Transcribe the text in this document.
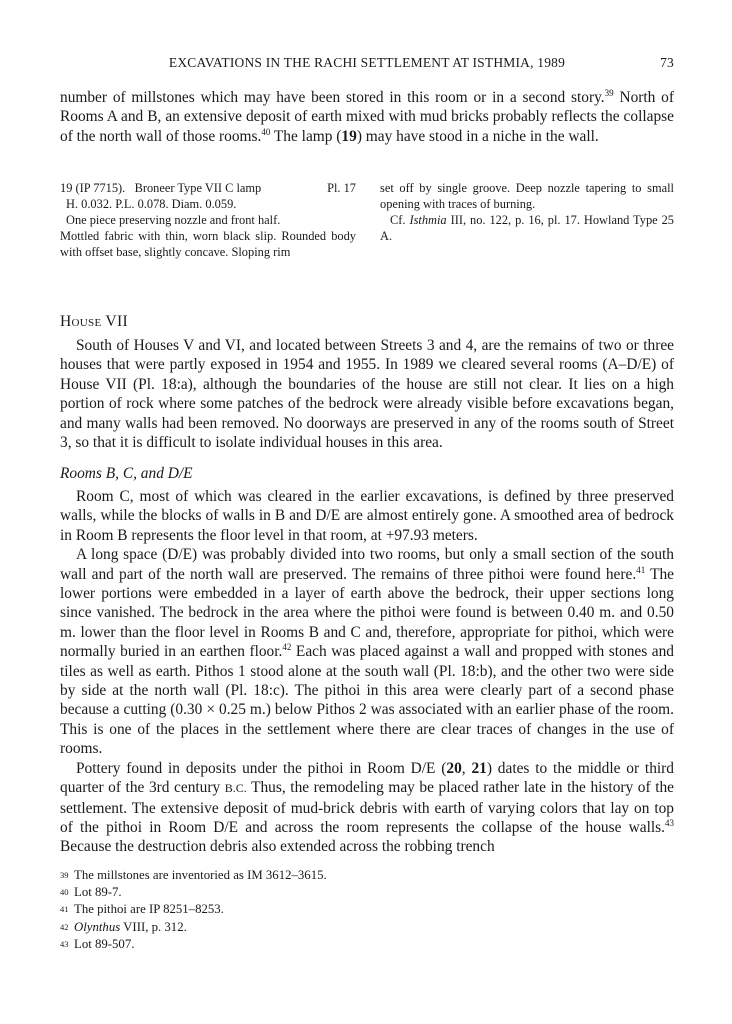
EXCAVATIONS IN THE RACHI SETTLEMENT AT ISTHMIA, 1989	73

number of millstones which may have been stored in this room or in a second story.$^{39}$ North of Rooms A and B, an extensive deposit of earth mixed with mud bricks probably reflects the collapse of the north wall of those rooms.$^{40}$ The lamp (19) may have stood in a niche in the wall.

19 (IP 7715).   Broneer Type VII C lamp	Pl. 17

H. 0.032. P.L. 0.078. Diam. 0.059.

One piece preserving nozzle and front half.

Mottled fabric with thin, worn black slip. Rounded body with offset base, slightly concave. Sloping rim

set off by single groove. Deep nozzle tapering to small opening with traces of burning.

Cf. Isthmia III, no. 122, p. 16, pl. 17. Howland Type 25 A.

House VII

South of Houses V and VI, and located between Streets 3 and 4, are the remains of two or three houses that were partly exposed in 1954 and 1955. In 1989 we cleared several rooms (A–D/E) of House VII (Pl. 18:a), although the boundaries of the house are still not clear. It lies on a high portion of rock where some patches of the bedrock were already visible before excavations began, and many walls had been removed. No doorways are preserved in any of the rooms south of Street 3, so that it is difficult to isolate individual houses in this area.

Rooms B, C, and D/E

Room C, most of which was cleared in the earlier excavations, is defined by three preserved walls, while the blocks of walls in B and D/E are almost entirely gone. A smoothed area of bedrock in Room B represents the floor level in that room, at +97.93 meters.

A long space (D/E) was probably divided into two rooms, but only a small section of the south wall and part of the north wall are preserved. The remains of three pithoi were found here.$^{41}$ The lower portions were embedded in a layer of earth above the bedrock, their upper sections long since vanished. The bedrock in the area where the pithoi were found is between 0.40 m. and 0.50 m. lower than the floor level in Rooms B and C and, therefore, appropriate for pithoi, which were normally buried in an earthen floor.$^{42}$ Each was placed against a wall and propped with stones and tiles as well as earth. Pithos 1 stood alone at the south wall (Pl. 18:b), and the other two were side by side at the north wall (Pl. 18:c). The pithoi in this area were clearly part of a second phase because a cutting (0.30 × 0.25 m.) below Pithos 2 was associated with an earlier phase of the room. This is one of the places in the settlement where there are clear traces of changes in the use of rooms.

Pottery found in deposits under the pithoi in Room D/E (20, 21) dates to the middle or third quarter of the 3rd century B.C. Thus, the remodeling may be placed rather late in the history of the settlement. The extensive deposit of mud-brick debris with earth of varying colors that lay on top of the pithoi in Room D/E and across the room represents the collapse of the house walls.$^{43}$ Because the destruction debris also extended across the robbing trench

39 The millstones are inventoried as IM 3612–3615.

40 Lot 89-7.

41 The pithoi are IP 8251–8253.

42 Olynthus VIII, p. 312.

43 Lot 89-507.
